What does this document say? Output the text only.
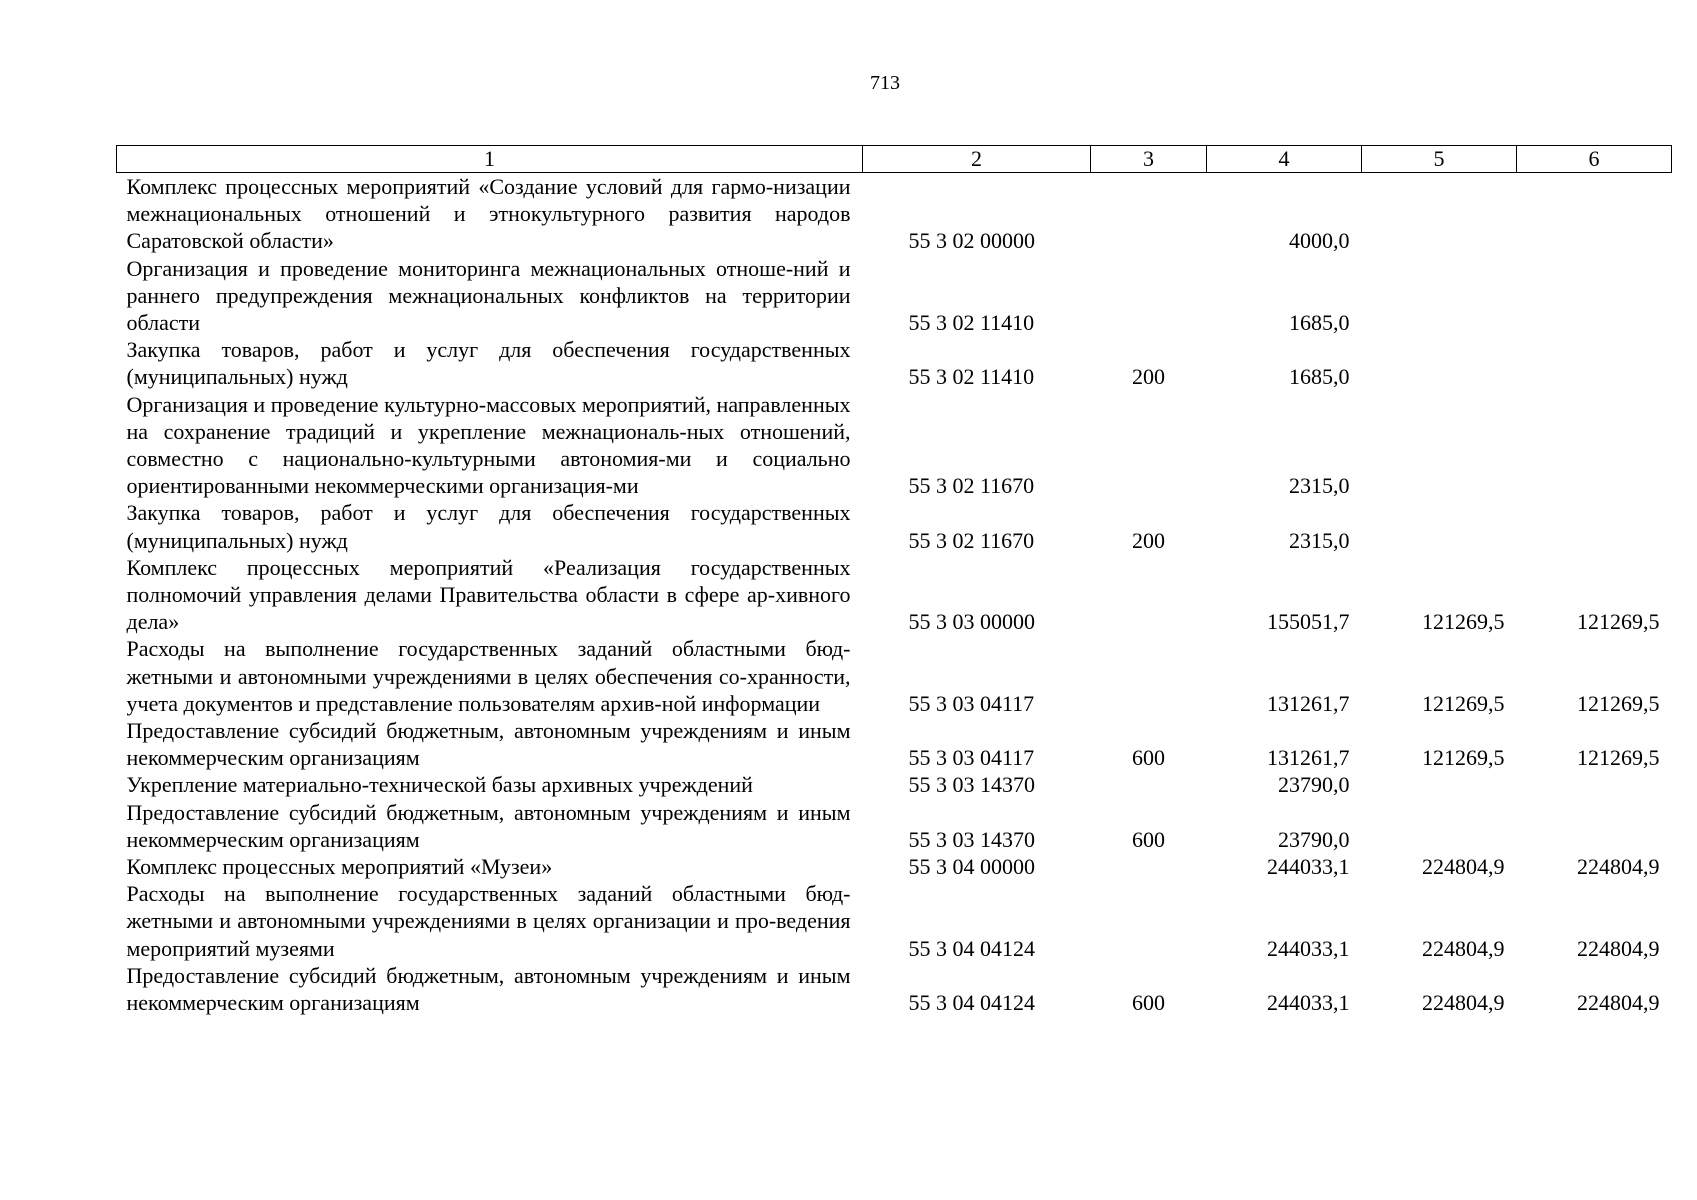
713
1	2	3	4	5	6
Комплекс процессных мероприятий «Создание условий для гармо-низации межнациональных отношений и этнокультурного развития народов Саратовской области»	55 3 02 00000		4000,0		
Организация и проведение мониторинга межнациональных отноше-ний и раннего предупреждения межнациональных конфликтов на территории области	55 3 02 11410		1685,0		
Закупка товаров, работ и услуг для обеспечения государственных (муниципальных) нужд	55 3 02 11410	200	1685,0		
Организация и проведение культурно-массовых мероприятий, направленных на сохранение традиций и укрепление межнациональ-ных отношений, совместно с национально-культурными автономия-ми и социально ориентированными некоммерческими организация-ми	55 3 02 11670		2315,0		
Закупка товаров, работ и услуг для обеспечения государственных (муниципальных) нужд	55 3 02 11670	200	2315,0		
Комплекс процессных мероприятий «Реализация государственных полномочий управления делами Правительства области в сфере ар-хивного дела»	55 3 03 00000		155051,7	121269,5	121269,5
Расходы на выполнение государственных заданий областными бюд-жетными и автономными учреждениями в целях обеспечения со-хранности, учета документов и представление пользователям архив-ной информации	55 3 03 04117		131261,7	121269,5	121269,5
Предоставление субсидий бюджетным, автономным учреждениям и иным некоммерческим организациям	55 3 03 04117	600	131261,7	121269,5	121269,5
Укрепление материально-технической базы архивных учреждений	55 3 03 14370		23790,0		
Предоставление субсидий бюджетным, автономным учреждениям и иным некоммерческим организациям	55 3 03 14370	600	23790,0		
Комплекс процессных мероприятий «Музеи»	55 3 04 00000		244033,1	224804,9	224804,9
Расходы на выполнение государственных заданий областными бюд-жетными и автономными учреждениями в целях организации и про-ведения мероприятий музеями	55 3 04 04124		244033,1	224804,9	224804,9
Предоставление субсидий бюджетным, автономным учреждениям и иным некоммерческим организациям	55 3 04 04124	600	244033,1	224804,9	224804,9
